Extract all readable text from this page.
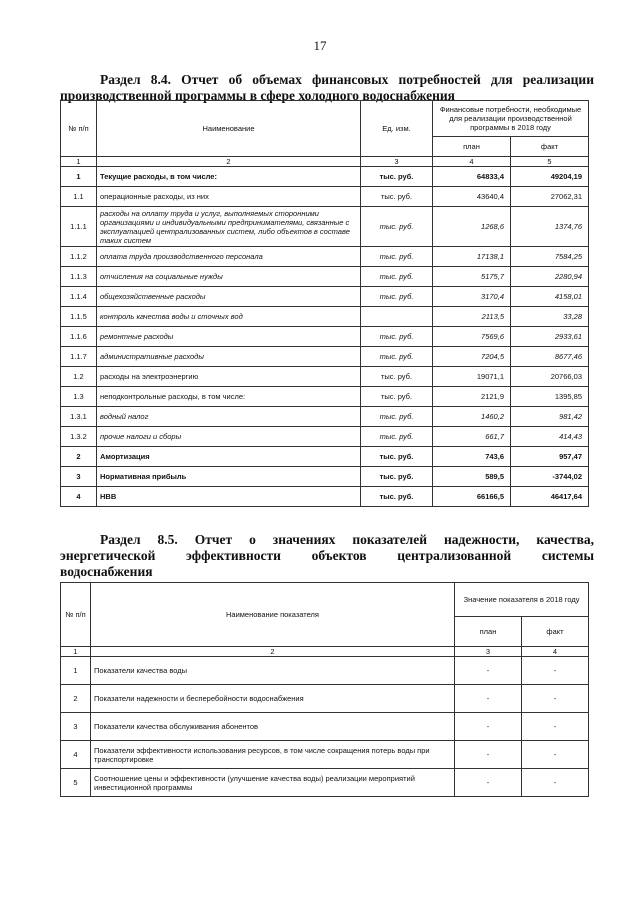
17
Раздел 8.4. Отчет об объемах финансовых потребностей для реализации
производственной программы в сфере холодного водоснабжения
№ п/п	Наименование	Ед. изм.	Финансовые потребности, необходимые для реализации производственной программы в 2018 году	
			план	факт
1	2	3	4	5
1	Текущие расходы, в том числе:	тыс. руб.	64833,4	49204,19
1.1	операционные расходы, из них	тыс. руб.	43640,4	27062,31
1.1.1	расходы на оплату труда и услуг, выполняемых сторонними организациями и индивидуальными предпринимателями, связанные с эксплуатацией централизованных систем, либо объектов в составе таких систем	тыс. руб.	1268,6	1374,76
1.1.2	оплата труда производственного персонала	тыс. руб.	17138,1	7584,25
1.1.3	отчисления на социальные нужды	тыс. руб.	5175,7	2280,94
1.1.4	общехозяйственные расходы	тыс. руб.	3170,4	4158,01
1.1.5	контроль качества воды и сточных вод		2113,5	33,28
1.1.6	ремонтные расходы	тыс. руб.	7569,6	2933,61
1.1.7	административные расходы	тыс. руб.	7204,5	8677,46
1.2	расходы на электроэнергию	тыс. руб.	19071,1	20766,03
1.3	неподконтрольные расходы, в том числе:	тыс. руб.	2121,9	1395,85
1.3.1	водный налог	тыс. руб.	1460,2	981,42
1.3.2	прочие налоги и сборы	тыс. руб.	661,7	414,43
2	Амортизация	тыс. руб.	743,6	957,47
3	Нормативная прибыль	тыс. руб.	589,5	-3744,02
4	НВВ	тыс. руб.	66166,5	46417,64
Раздел 8.5. Отчет о значениях показателей надежности, качества,
энергетической эффективности объектов централизованной системы
водоснабжения
№ п/п	Наименование показателя	Значение показателя в 2018 году	
		план	факт
1	2	3	4
1	Показатели качества воды	-	-
2	Показатели надежности и бесперебойности водоснабжения	-	-
3	Показатели качества обслуживания абонентов	-	-
4	Показатели эффективности использования ресурсов, в том числе сокращения потерь воды при транспортировке	-	-
5	Соотношение цены и эффективности (улучшение качества воды) реализации мероприятий инвестиционной программы	-	-
